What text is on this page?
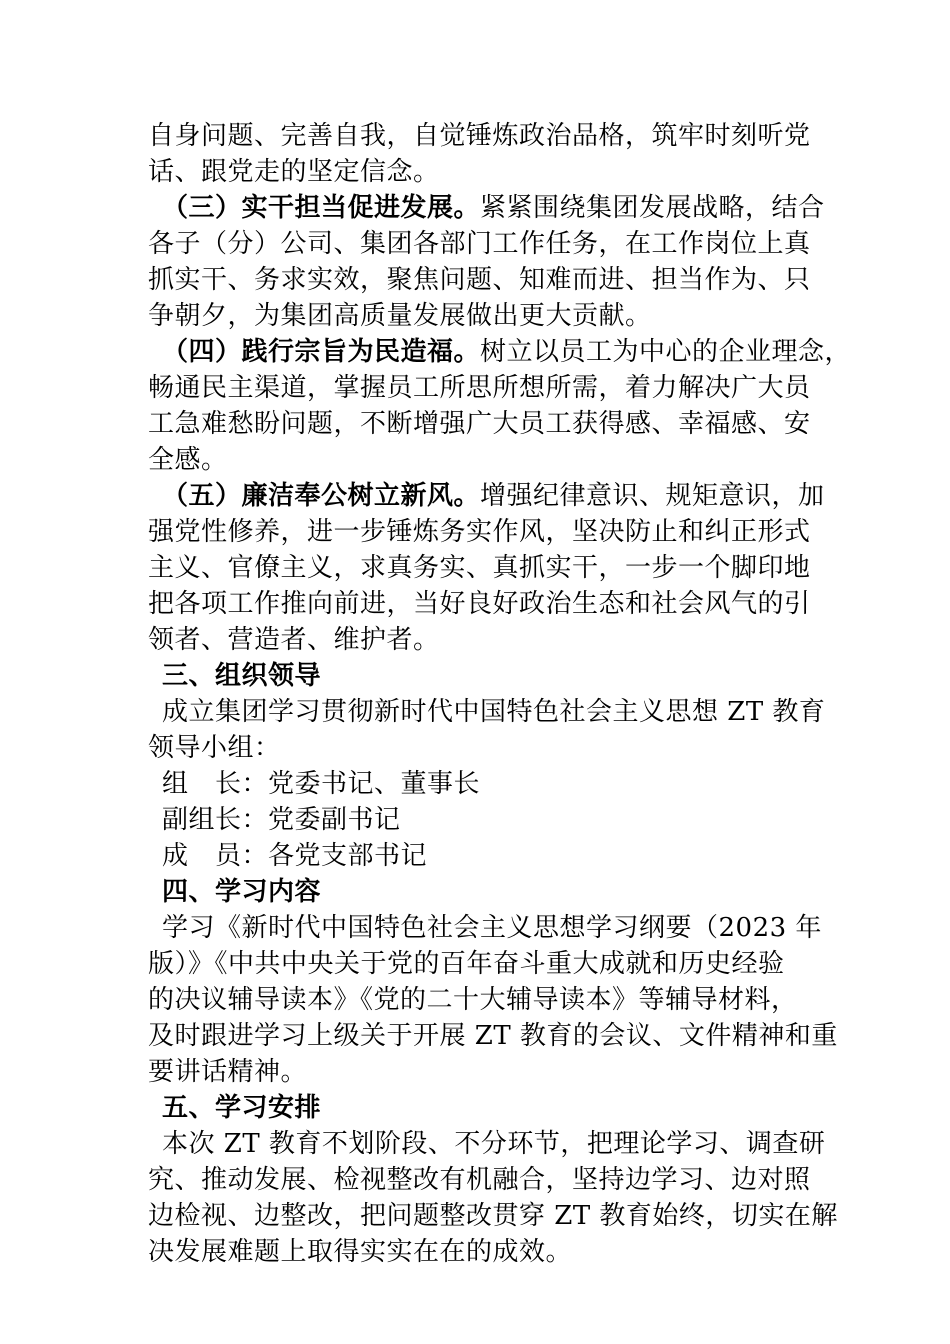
自身问题、完善自我，自觉锤炼政治品格，筑牢时刻听党
话、跟党走的坚定信念。
（三）实干担当促进发展。紧紧围绕集团发展战略，结合
各子（分）公司、集团各部门工作任务，在工作岗位上真
抓实干、务求实效，聚焦问题、知难而进、担当作为、只
争朝夕，为集团高质量发展做出更大贡献。
（四）践行宗旨为民造福。树立以员工为中心的企业理念，
畅通民主渠道，掌握员工所思所想所需，着力解决广大员
工急难愁盼问题，不断增强广大员工获得感、幸福感、安
全感。
（五）廉洁奉公树立新风。增强纪律意识、规矩意识，加
强党性修养，进一步锤炼务实作风，坚决防止和纠正形式
主义、官僚主义，求真务实、真抓实干，一步一个脚印地
把各项工作推向前进，当好良好政治生态和社会风气的引
领者、营造者、维护者。
三、组织领导
成立集团学习贯彻新时代中国特色社会主义思想 ZT 教育
领导小组：
组　长：党委书记、董事长
副组长：党委副书记
成　员：各党支部书记
四、学习内容
学习《新时代中国特色社会主义思想学习纲要（2023 年
版）》《中共中央关于党的百年奋斗重大成就和历史经验
的决议辅导读本》《党的二十大辅导读本》等辅导材料，
及时跟进学习上级关于开展 ZT 教育的会议、文件精神和重
要讲话精神。
五、学习安排
本次 ZT 教育不划阶段、不分环节，把理论学习、调查研
究、推动发展、检视整改有机融合，坚持边学习、边对照
边检视、边整改，把问题整改贯穿 ZT 教育始终，切实在解
决发展难题上取得实实在在的成效。
